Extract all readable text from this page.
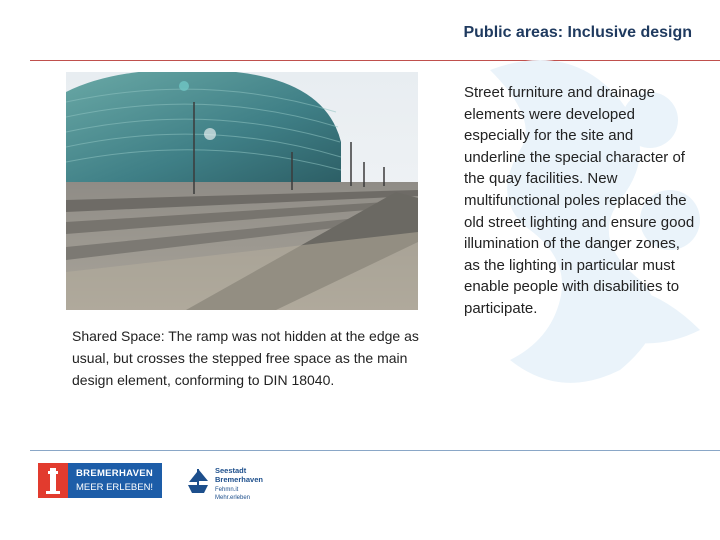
Public areas: Inclusive design
Shared Space: The ramp was not hidden at the edge as usual, but crosses the stepped free space as the main design element, conforming to DIN 18040.
Street furniture and drainage elements were developed especially for the site and underline the special character of the quay facilities. New multifunctional poles replaced the old street lighting and ensure good illumination of the danger zones, as the lighting in particular must enable people with disabilities to participate.
BREMERHAVEN
MEER ERLEBEN!
Seestadt
Bremerhaven
Fehmn.it Mehr.erleben
